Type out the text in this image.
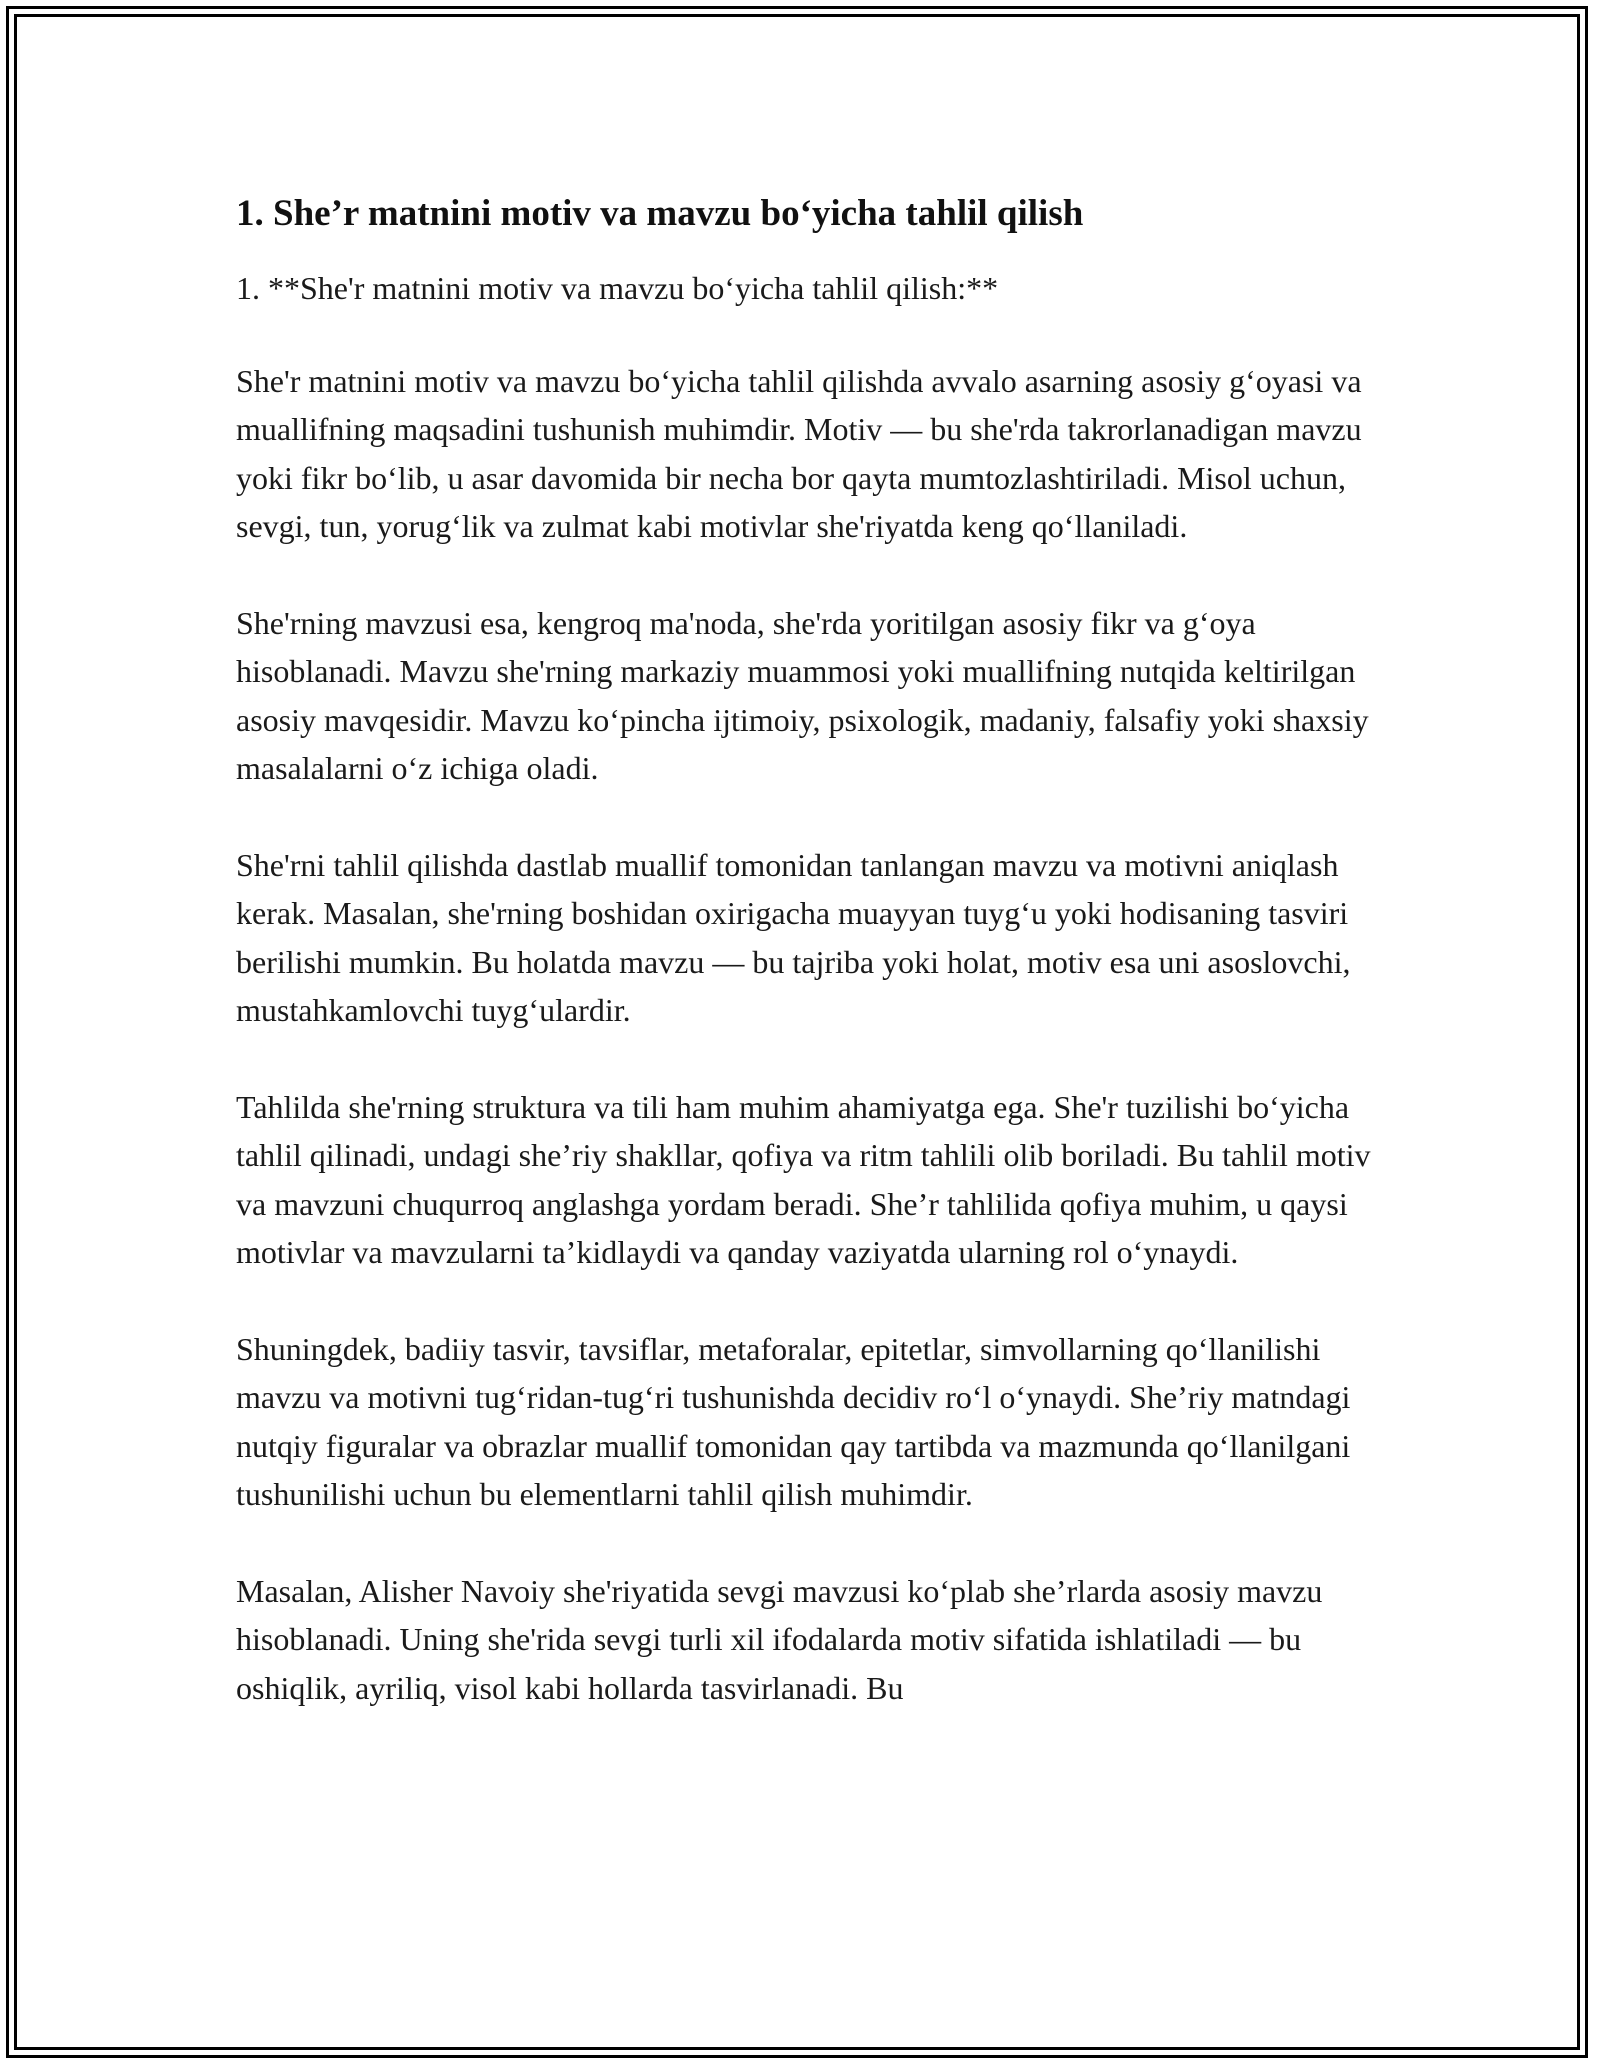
1. She’r matnini motiv va mavzu bo‘yicha tahlil qilish

1. **She'r matnini motiv va mavzu bo‘yicha tahlil qilish:**

She'r matnini motiv va mavzu bo‘yicha tahlil qilishda avvalo asarning asosiy g‘oyasi va muallifning maqsadini tushunish muhimdir. Motiv — bu she'rda takrorlanadigan mavzu yoki fikr bo‘lib, u asar davomida bir necha bor qayta mumtozlashtiriladi. Misol uchun, sevgi, tun, yorug‘lik va zulmat kabi motivlar she'riyatda keng qo‘llaniladi.

She'rning mavzusi esa, kengroq ma'noda, she'rda yoritilgan asosiy fikr va g‘oya hisoblanadi. Mavzu she'rning markaziy muammosi yoki muallifning nutqida keltirilgan asosiy mavqesidir. Mavzu ko‘pincha ijtimoiy, psixologik, madaniy, falsafiy yoki shaxsiy masalalarni o‘z ichiga oladi.

She'rni tahlil qilishda dastlab muallif tomonidan tanlangan mavzu va motivni aniqlash kerak. Masalan, she'rning boshidan oxirigacha muayyan tuyg‘u yoki hodisaning tasviri berilishi mumkin. Bu holatda mavzu — bu tajriba yoki holat, motiv esa uni asoslovchi, mustahkamlovchi tuyg‘ulardir.

Tahlilda she'rning struktura va tili ham muhim ahamiyatga ega. She'r tuzilishi bo‘yicha tahlil qilinadi, undagi she’riy shakllar, qofiya va ritm tahlili olib boriladi. Bu tahlil motiv va mavzuni chuqurroq anglashga yordam beradi. She’r tahlilida qofiya muhim, u qaysi motivlar va mavzularni ta’kidlaydi va qanday vaziyatda ularning rol o‘ynaydi.

Shuningdek, badiiy tasvir, tavsiflar, metaforalar, epitetlar, simvollarning qo‘llanilishi mavzu va motivni tug‘ridan-tug‘ri tushunishda decidiv ro‘l o‘ynaydi. She’riy matndagi nutqiy figuralar va obrazlar muallif tomonidan qay tartibda va mazmunda qo‘llanilgani tushunilishi uchun bu elementlarni tahlil qilish muhimdir.

Masalan, Alisher Navoiy she'riyatida sevgi mavzusi ko‘plab she’rlarda asosiy mavzu hisoblanadi. Uning she'rida sevgi turli xil ifodalarda motiv sifatida ishlatiladi — bu oshiqlik, ayriliq, visol kabi hollarda tasvirlanadi. Bu
